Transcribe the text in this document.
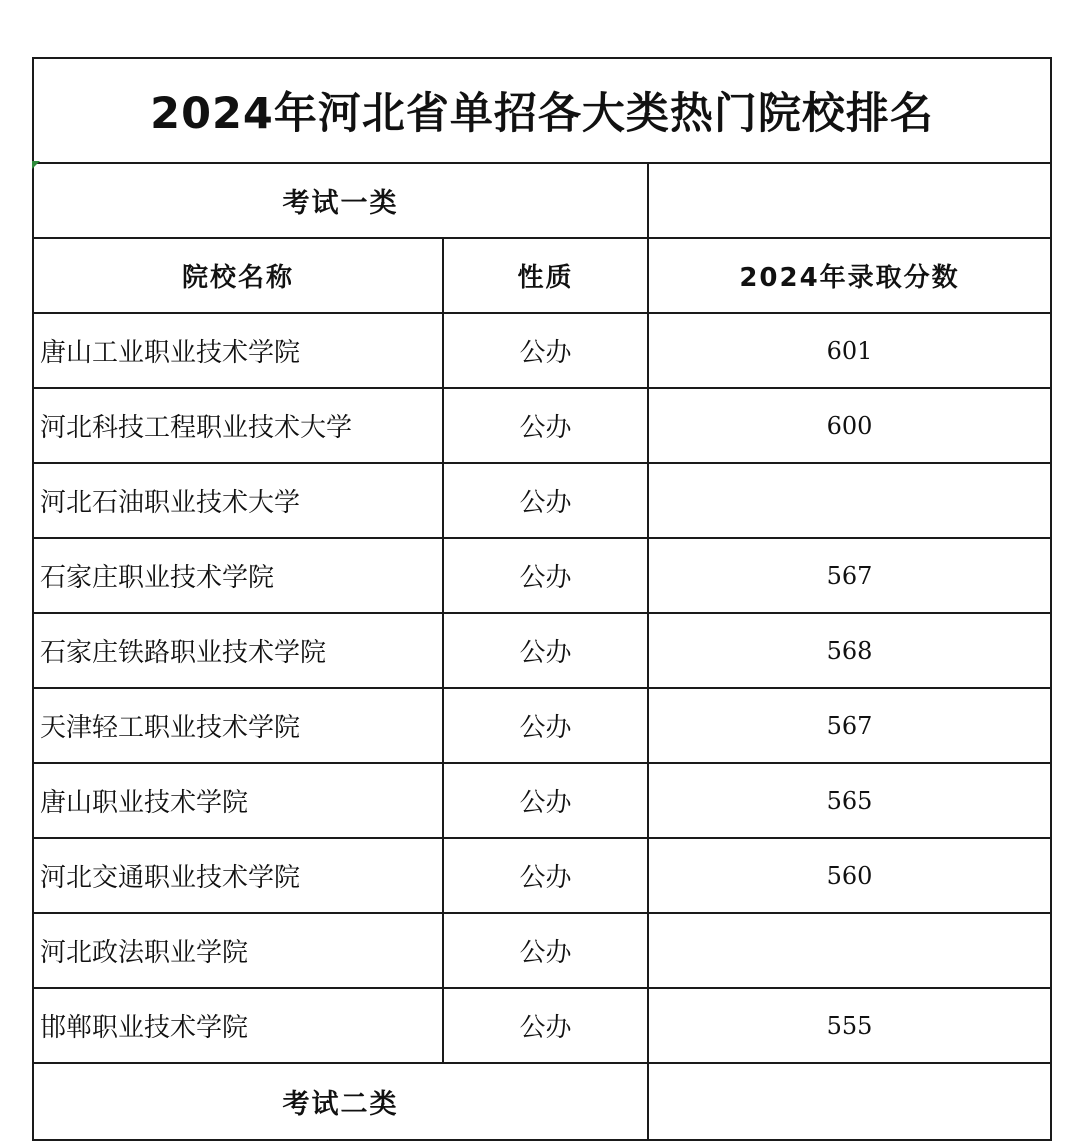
2024年河北省单招各大类热门院校排名		
考试一类		
院校名称	性质	2024年录取分数
唐山工业职业技术学院	公办	601
河北科技工程职业技术大学	公办	600
河北石油职业技术大学	公办	
石家庄职业技术学院	公办	567
石家庄铁路职业技术学院	公办	568
天津轻工职业技术学院	公办	567
唐山职业技术学院	公办	565
河北交通职业技术学院	公办	560
河北政法职业学院	公办	
邯郸职业技术学院	公办	555
考试二类		
